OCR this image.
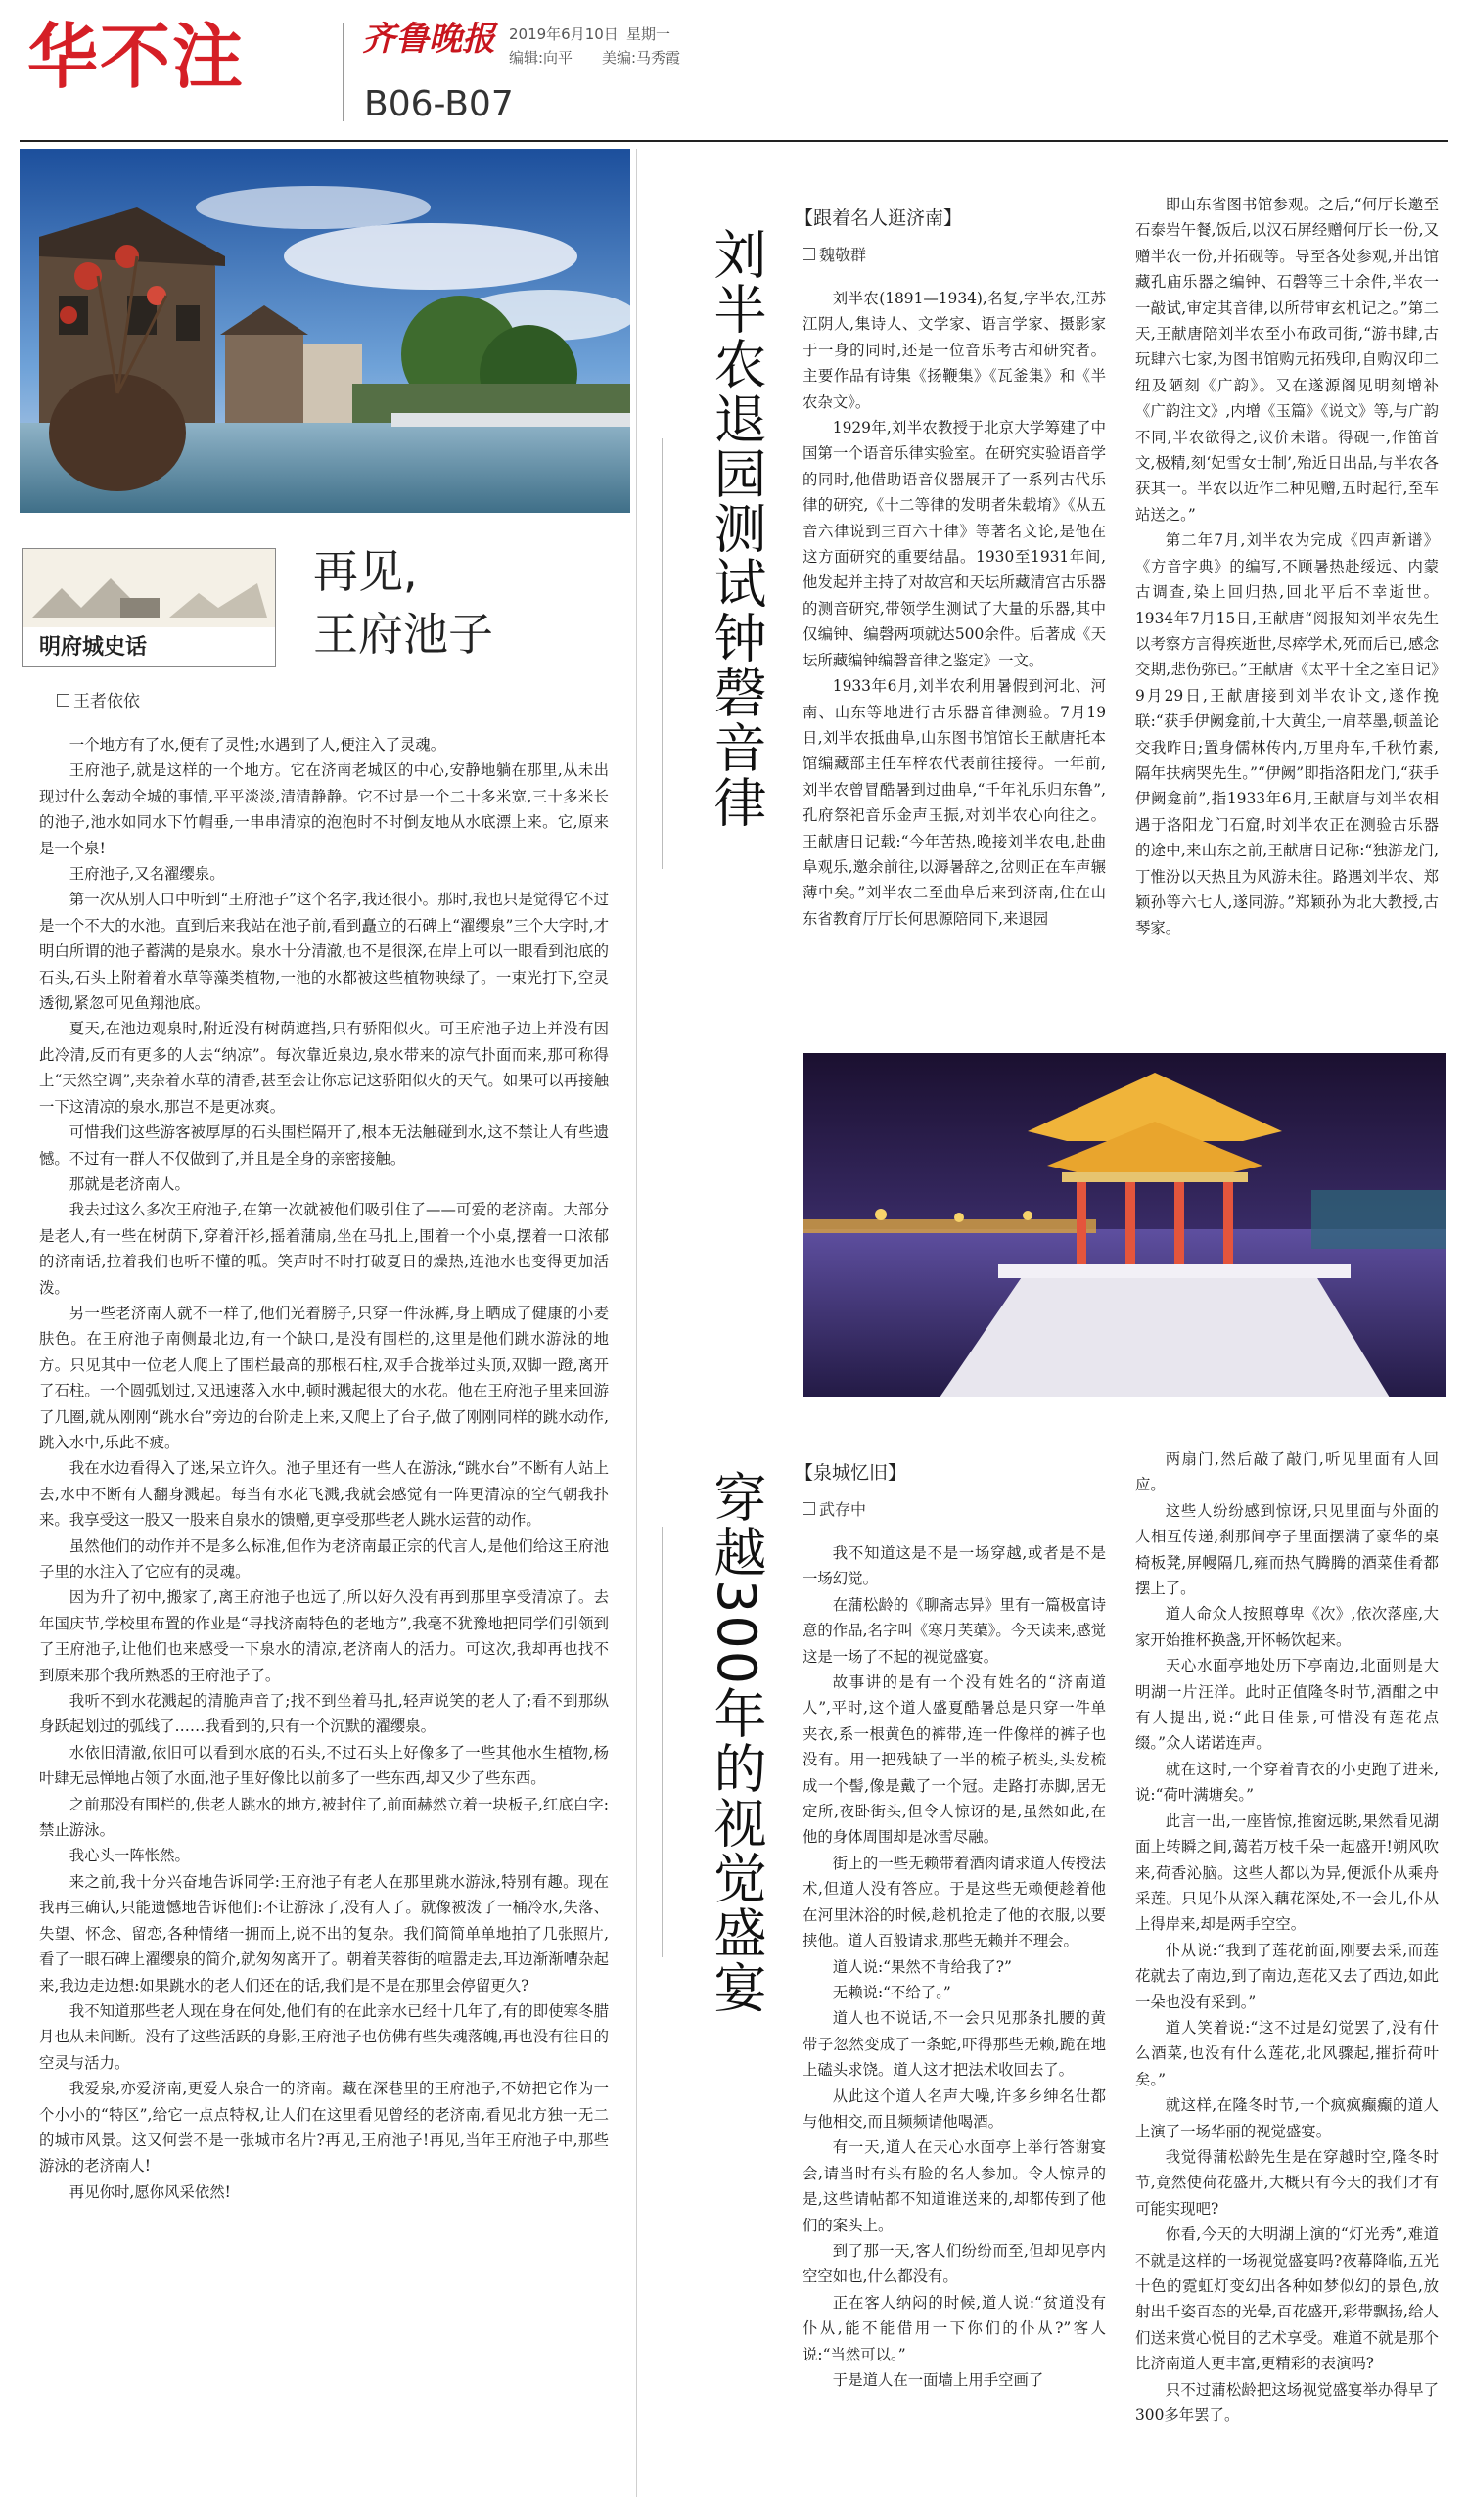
华不注	齐鲁晚报 2019年6月10日 星期一
编辑:向平 美编:马秀霞
B06-B07
明府城史话
再见,
王府池子
王者依依

一个地方有了水,便有了灵性;水遇到了人,便注入了灵魂。

王府池子,就是这样的一个地方。它在济南老城区的中心,安静地躺在那里,从未出现过什么轰动全城的事情,平平淡淡,清清静静。它不过是一个二十多米宽,三十多米长的池子,池水如同水下竹帽垂,一串串清凉的泡泡时不时倒友地从水底漂上来。它,原来是一个泉!

王府池子,又名濯缨泉。

第一次从别人口中听到“王府池子”这个名字,我还很小。那时,我也只是觉得它不过是一个不大的水池。直到后来我站在池子前,看到矗立的石碑上“濯缨泉”三个大字时,才明白所谓的池子蓄满的是泉水。泉水十分清澈,也不是很深,在岸上可以一眼看到池底的石头,石头上附着着水草等藻类植物,一池的水都被这些植物映绿了。一束光打下,空灵透彻,紧忽可见鱼翔池底。

夏天,在池边观泉时,附近没有树荫遮挡,只有骄阳似火。可王府池子边上并没有因此冷清,反而有更多的人去“纳凉”。每次靠近泉边,泉水带来的凉气扑面而来,那可称得上“天然空调”,夹杂着水草的清香,甚至会让你忘记这骄阳似火的天气。如果可以再接触一下这清凉的泉水,那岂不是更冰爽。

可惜我们这些游客被厚厚的石头围栏隔开了,根本无法触碰到水,这不禁让人有些遗憾。不过有一群人不仅做到了,并且是全身的亲密接触。

那就是老济南人。

我去过这么多次王府池子,在第一次就被他们吸引住了——可爱的老济南。大部分是老人,有一些在树荫下,穿着汗衫,摇着蒲扇,坐在马扎上,围着一个小桌,摆着一口浓郁的济南话,拉着我们也听不懂的呱。笑声时不时打破夏日的燥热,连池水也变得更加活泼。

另一些老济南人就不一样了,他们光着膀子,只穿一件泳裤,身上晒成了健康的小麦肤色。在王府池子南侧最北边,有一个缺口,是没有围栏的,这里是他们跳水游泳的地方。只见其中一位老人爬上了围栏最高的那根石柱,双手合拢举过头顶,双脚一蹬,离开了石柱。一个圆弧划过,又迅速落入水中,顿时溅起很大的水花。他在王府池子里来回游了几圈,就从刚刚“跳水台”旁边的台阶走上来,又爬上了台子,做了刚刚同样的跳水动作,跳入水中,乐此不疲。

我在水边看得入了迷,呆立许久。池子里还有一些人在游泳,“跳水台”不断有人站上去,水中不断有人翻身溅起。每当有水花飞溅,我就会感觉有一阵更清凉的空气朝我扑来。我享受这一股又一股来自泉水的馈赠,更享受那些老人跳水运营的动作。

虽然他们的动作并不是多么标准,但作为老济南最正宗的代言人,是他们给这王府池子里的水注入了它应有的灵魂。

因为升了初中,搬家了,离王府池子也远了,所以好久没有再到那里享受清凉了。去年国庆节,学校里布置的作业是“寻找济南特色的老地方”,我毫不犹豫地把同学们引领到了王府池子,让他们也来感受一下泉水的清凉,老济南人的活力。可这次,我却再也找不到原来那个我所熟悉的王府池子了。

我听不到水花溅起的清脆声音了;找不到坐着马扎,轻声说笑的老人了;看不到那纵身跃起划过的弧线了……我看到的,只有一个沉默的濯缨泉。

水依旧清澈,依旧可以看到水底的石头,不过石头上好像多了一些其他水生植物,杨叶肆无忌惮地占领了水面,池子里好像比以前多了一些东西,却又少了些东西。

之前那没有围栏的,供老人跳水的地方,被封住了,前面赫然立着一块板子,红底白字:禁止游泳。

我心头一阵怅然。

来之前,我十分兴奋地告诉同学:王府池子有老人在那里跳水游泳,特别有趣。现在我再三确认,只能遗憾地告诉他们:不让游泳了,没有人了。就像被泼了一桶冷水,失落、失望、怀念、留恋,各种情绪一拥而上,说不出的复杂。我们简简单单地拍了几张照片,看了一眼石碑上濯缨泉的简介,就匆匆离开了。朝着芙蓉街的喧嚣走去,耳边渐渐嘈杂起来,我边走边想:如果跳水的老人们还在的话,我们是不是在那里会停留更久?

我不知道那些老人现在身在何处,他们有的在此亲水已经十几年了,有的即使寒冬腊月也从未间断。没有了这些活跃的身影,王府池子也仿佛有些失魂落魄,再也没有往日的空灵与活力。

我爱泉,亦爱济南,更爱人泉合一的济南。藏在深巷里的王府池子,不妨把它作为一个小小的“特区”,给它一点点特权,让人们在这里看见曾经的老济南,看见北方独一无二的城市风景。这又何尝不是一张城市名片?再见,王府池子!再见,当年王府池子中,那些游泳的老济南人!

再见你时,愿你风采依然!

刘半农退园测试钟磬音律
【跟着名人逛济南】
魏敬群

刘半农(1891—1934),名复,字半农,江苏江阴人,集诗人、文学家、语言学家、摄影家于一身的同时,还是一位音乐考古和研究者。主要作品有诗集《扬鞭集》《瓦釜集》和《半农杂文》。

1929年,刘半农教授于北京大学筹建了中国第一个语音乐律实验室。在研究实验语音学的同时,他借助语音仪器展开了一系列古代乐律的研究,《十二等律的发明者朱载堉》《从五音六律说到三百六十律》等著名文论,是他在这方面研究的重要结晶。1930至1931年间,他发起并主持了对故宫和天坛所藏清宫古乐器的测音研究,带领学生测试了大量的乐器,其中仅编钟、编磬两项就达500余件。后著成《天坛所藏编钟编磬音律之鉴定》一文。

1933年6月,刘半农利用暑假到河北、河南、山东等地进行古乐器音律测验。7月19日,刘半农抵曲阜,山东图书馆馆长王献唐托本馆编藏部主任车梓农代表前往接待。一年前,刘半农曾冒酷暑到过曲阜,“千年礼乐归东鲁”,孔府祭祀音乐金声玉振,对刘半农心向往之。王献唐日记载:“今年苦热,晚接刘半农电,赴曲阜观乐,邀余前往,以溽暑辞之,岔则正在车声辗薄中矣。”刘半农二至曲阜后来到济南,住在山东省教育厅厅长何思源陪同下,来退园

即山东省图书馆参观。之后,“何厅长邀至石泰岩午餐,饭后,以汉石屏经赠何厅长一份,又赠半农一份,并拓砚等。导至各处参观,并出馆藏孔庙乐器之编钟、石磬等三十余件,半农一一敲试,审定其音律,以所带审玄机记之。”第二天,王献唐陪刘半农至小布政司街,“游书肆,古玩肆六七家,为图书馆购元拓残印,自购汉印二纽及陋刻《广韵》。又在遂源阁见明刻增补《广韵注文》,内增《玉篇》《说文》等,与广韵不同,半农欲得之,议价未谐。得砚一,作笛首文,极精,刻‘妃雪女士制’,殆近日出品,与半农各获其一。半农以近作二种见赠,五时起行,至车站送之。”

第二年7月,刘半农为完成《四声新谱》《方音字典》的编写,不顾暑热赴绥远、内蒙古调查,染上回归热,回北平后不幸逝世。1934年7月15日,王献唐“阅报知刘半农先生以考察方言得疾逝世,尽瘁学术,死而后已,感念交期,悲伤弥已。”王献唐《太平十全之室日记》9月29日,王献唐接到刘半农讣文,遂作挽联:“获手伊阙龛前,十大黄尘,一肩萃墨,顿盖论交我昨日;置身儒林传内,万里舟车,千秋竹素,隔年扶病哭先生。”“伊阙”即指洛阳龙门,“获手伊阙龛前”,指1933年6月,王献唐与刘半农相遇于洛阳龙门石窟,时刘半农正在测验古乐器的途中,来山东之前,王献唐日记称:“独游龙门,丁惟汾以天热且为风游未往。路遇刘半农、郑颖孙等六七人,遂同游。”郑颖孙为北大教授,古琴家。

穿越300年的视觉盛宴 【泉城忆旧】
武存中

我不知道这是不是一场穿越,或者是不是一场幻觉。

在蒲松龄的《聊斋志异》里有一篇极富诗意的作品,名字叫《寒月芙蕖》。今天读来,感觉这是一场了不起的视觉盛宴。

故事讲的是有一个没有姓名的“济南道人”,平时,这个道人盛夏酷暑总是只穿一件单夹衣,系一根黄色的裤带,连一件像样的裤子也没有。用一把残缺了一半的梳子梳头,头发梳成一个髻,像是戴了一个冠。走路打赤脚,居无定所,夜卧街头,但令人惊讶的是,虽然如此,在他的身体周围却是冰雪尽融。

街上的一些无赖带着酒肉请求道人传授法术,但道人没有答应。于是这些无赖便趁着他在河里沐浴的时候,趁机抢走了他的衣服,以要挟他。道人百般请求,那些无赖并不理会。

道人说:“果然不肯给我了?”

无赖说:“不给了。”

道人也不说话,不一会只见那条扎腰的黄带子忽然变成了一条蛇,吓得那些无赖,跪在地上磕头求饶。道人这才把法术收回去了。

从此这个道人名声大噪,许多乡绅名仕都与他相交,而且频频请他喝酒。

有一天,道人在天心水面亭上举行答谢宴会,请当时有头有脸的名人参加。令人惊异的是,这些请帖都不知道谁送来的,却都传到了他们的案头上。

到了那一天,客人们纷纷而至,但却见亭内空空如也,什么都没有。

正在客人纳闷的时候,道人说:“贫道没有仆从,能不能借用一下你们的仆从?”客人说:“当然可以。”

于是道人在一面墙上用手空画了

两扇门,然后敲了敲门,听见里面有人回应。

这些人纷纷感到惊讶,只见里面与外面的人相互传递,刹那间亭子里面摆满了豪华的桌椅板凳,屏幔隔几,雍而热气腾腾的酒菜佳肴都摆上了。

道人命众人按照尊卑《次》,依次落座,大家开始推杯换盏,开怀畅饮起来。

天心水面亭地处历下亭南边,北面则是大明湖一片汪洋。此时正值隆冬时节,酒酣之中有人提出,说:“此日佳景,可惜没有莲花点缀。”众人诺诺连声。

就在这时,一个穿着青衣的小吏跑了进来,说:“荷叶满塘矣。”

此言一出,一座皆惊,推窗远眺,果然看见湖面上转瞬之间,蔼若万枝千朵一起盛开!朔风吹来,荷香沁脑。这些人都以为异,便派仆从乘舟采莲。只见仆从深入藕花深处,不一会儿,仆从上得岸来,却是两手空空。

仆从说:“我到了莲花前面,刚要去采,而莲花就去了南边,到了南边,莲花又去了西边,如此一朵也没有采到。”

道人笑着说:“这不过是幻觉罢了,没有什么酒菜,也没有什么莲花,北风骤起,摧折荷叶矣。”

就这样,在隆冬时节,一个疯疯癫癫的道人上演了一场华丽的视觉盛宴。

我觉得蒲松龄先生是在穿越时空,隆冬时节,竟然使荷花盛开,大概只有今天的我们才有可能实现吧?

你看,今天的大明湖上演的“灯光秀”,难道不就是这样的一场视觉盛宴吗?夜幕降临,五光十色的霓虹灯变幻出各种如梦似幻的景色,放射出千姿百态的光晕,百花盛开,彩带飘扬,给人们送来赏心悦目的艺术享受。难道不就是那个比济南道人更丰富,更精彩的表演吗?

只不过蒲松龄把这场视觉盛宴举办得早了300多年罢了。
